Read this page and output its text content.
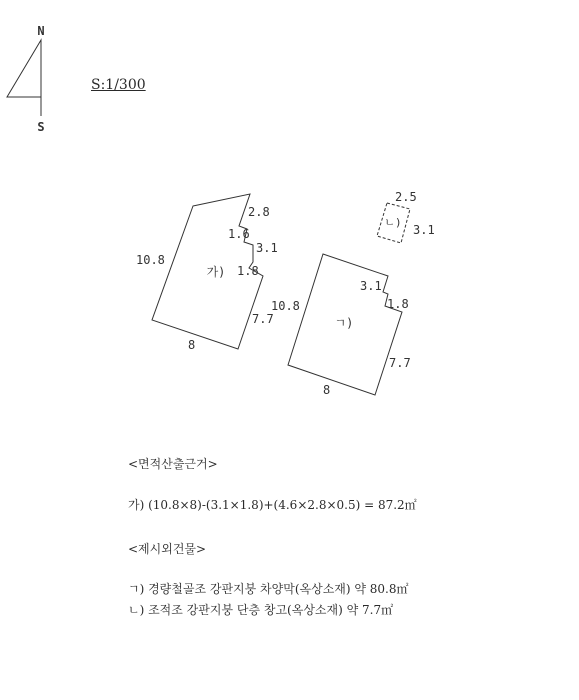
N
S
가)
2.8
1.6
3.1
1.8
10.8
7.7
8
ㄴ)
2.5
3.1
ㄱ)
3.1
1.8
10.8
7.7
8
S:1/300
<면적산출근거>
가) (10.8×8)-(3.1×1.8)+(4.6×2.8×0.5) = 87.2㎡
<제시외건물>
ㄱ) 경량철골조 강판지붕 차양막(옥상소재) 약 80.8㎡
ㄴ) 조적조 강판지붕 단층 창고(옥상소재) 약 7.7㎡
